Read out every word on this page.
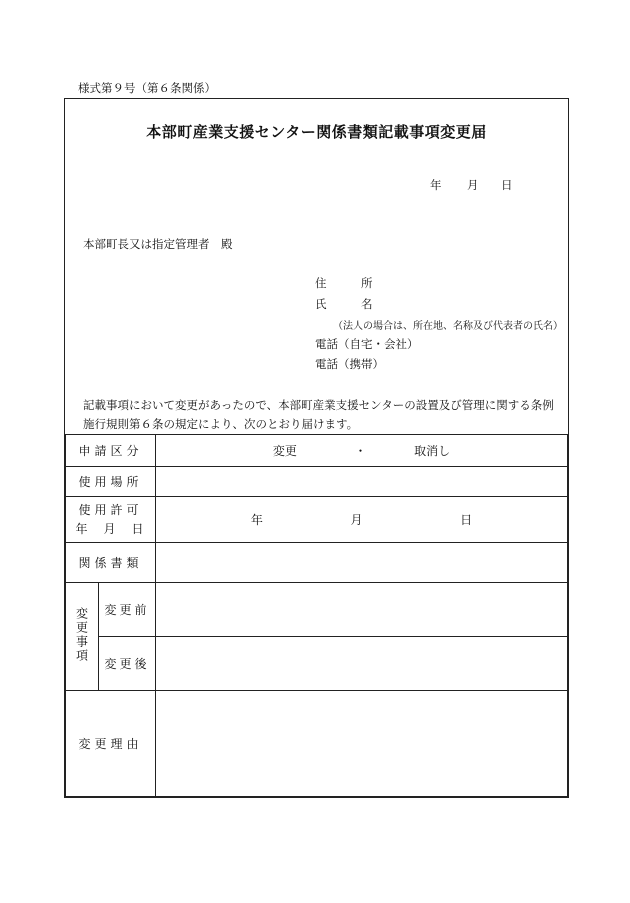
様式第９号（第６条関係）
本部町産業支援センター関係書類記載事項変更届
年 月 日
本部町長又は指定管理者　殿
住　　　所
氏　　　名
（法人の場合は、所在地、名称及び代表者の氏名）
電話（自宅・会社）
電話（携帯）
記載事項において変更があったので、本部町産業支援センターの設置及び管理に関する条例
施行規則第６条の規定により、次のとおり届けます。
申請区分		変更 ・ 取消し
使用場所		

使用許可
年　月　日		年 月 日
関係書類		
変更事項	変更前	
	変更後	
変更理由		
